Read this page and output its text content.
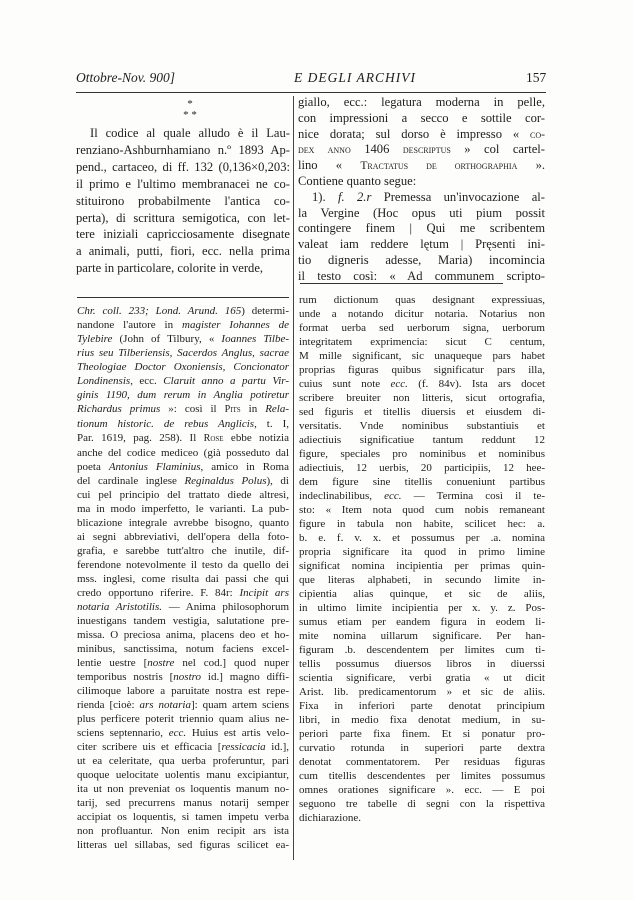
Ottobre-Nov. 900]	E DEGLI ARCHIVI	157
*
* *
Il codice al quale alludo è il Lau-
renziano-Ashburnhamiano n.º 1893 Ap-
pend., cartaceo, di ff. 132 (0,136×0,203:
il primo e l'ultimo membranacei ne co-
stituirono probabilmente l'antica co-
perta), di scrittura semigotica, con let-
tere iniziali capricciosamente disegnate
a animali, putti, fiori, ecc. nella prima
parte in particolare, colorite in verde,
giallo, ecc.: legatura moderna in pelle,
con impressioni a secco e sottile cor-
nice dorata; sul dorso è impresso « co-
dex anno 1406 descriptus » col cartel-
lino « Tractatus de orthographia ».
Contiene quanto segue:
1). f. 2.r Premessa un'invocazione al-
la Vergine (Hoc opus uti pium possit
contingere finem | Qui me scribentem
valeat iam reddere lętum | Pręsenti ini-
tio digneris adesse, Maria) incomincia
il testo così: « Ad communem scripto-
Chr. coll. 233; Lond. Arund. 165) determi-
nandone l'autore in magister Iohannes de
Tylebire (John of Tilbury, « Ioannes Tilbe-
rius seu Tilberiensis, Sacerdos Anglus, sacrae
Theologiae Doctor Oxoniensis, Concionator
Londinensis, ecc. Claruit anno a partu Vir-
ginis 1190, dum rerum in Anglia potiretur
Richardus primus »: così il Pits in Rela-
tionum historic. de rebus Anglicis, t. I,
Par. 1619, pag. 258). Il Rose ebbe notizia
anche del codice mediceo (già posseduto dal
poeta Antonius Flaminius, amico in Roma
del cardinale inglese Reginaldus Polus), di
cui pel principio del trattato diede altresì,
ma in modo imperfetto, le varianti. La pub-
blicazione integrale avrebbe bisogno, quanto
ai segni abbreviativi, dell'opera della foto-
grafia, e sarebbe tutt'altro che inutile, dif-
ferendone notevolmente il testo da quello dei
mss. inglesi, come risulta dai passi che qui
credo opportuno riferire. F. 84r: Incipit ars
notaria Aristotilis. — Anima philosophorum
inuestigans tandem vestigia, salutatione pre-
missa. O preciosa anima, placens deo et ho-
minibus, sanctissima, notum faciens excel-
lentie uestre [nostre nel cod.] quod nuper
temporibus nostris [nostro id.] magno diffi-
cilimoque labore a paruitate nostra est repe-
rienda [cioè: ars notaria]: quam artem sciens
plus perficere poterit triennio quam alius ne-
sciens septennario, ecc. Huius est artis velo-
citer scribere uis et efficacia [ressicacia id.],
ut ea celeritate, qua uerba proferuntur, pari
quoque uelocitate uolentis manu excipiantur,
ita ut non preveniat os loquentis manum no-
tarij, sed precurrens manus notarij semper
accipiat os loquentis, si tamen impetu verba
non profluantur. Non enim recipit ars ista
litteras uel sillabas, sed figuras scilicet ea-
rum dictionum quas designant expressiuas,
unde a notando dicitur notaria. Notarius non
format uerba sed uerborum signa, uerborum
integritatem exprimencia: sicut C centum,
M mille significant, sic unaqueque pars habet
proprias figuras quibus significatur pars illa,
cuius sunt note ecc. (f. 84v). Ista ars docet
scribere breuiter non litteris, sicut ortografia,
sed figuris et titellis diuersis et eiusdem di-
versitatis. Vnde nominibus substantiuis et
adiectiuis significatiue tantum reddunt 12
figure, speciales pro nominibus et nominibus
adiectiuis, 12 uerbis, 20 participiis, 12 hee-
dem figure sine titellis conueniunt partibus
indeclinabilibus, ecc. — Termina così il te-
sto: « Item nota quod cum nobis remaneant
figure in tabula non habite, scilicet hec: a.
b. e. f. v. x. et possumus per .a. nomina
propria significare ita quod in primo limine
significat nomina incipientia per primas quin-
que literas alphabeti, in secundo limite in-
cipientia alias quinque, et sic de aliis,
in ultimo limite incipientia per x. y. z. Pos-
sumus etiam per eandem figura in eodem li-
mite nomina uillarum significare. Per han-
figuram .b. descendentem per limites cum ti-
tellis possumus diuersos libros in diuerssi
scientia significare, verbi gratia « ut dicit
Arist. lib. predicamentorum » et sic de aliis.
Fixa in inferiori parte denotat principium
libri, in medio fixa denotat medium, in su-
periori parte fixa finem. Et si ponatur pro-
curvatio rotunda in superiori parte dextra
denotat commentatorem. Per residuas figuras
cum titellis descendentes per limites possumus
omnes orationes significare ». ecc. — E poi
seguono tre tabelle di segni con la rispettiva
dichiarazione.
